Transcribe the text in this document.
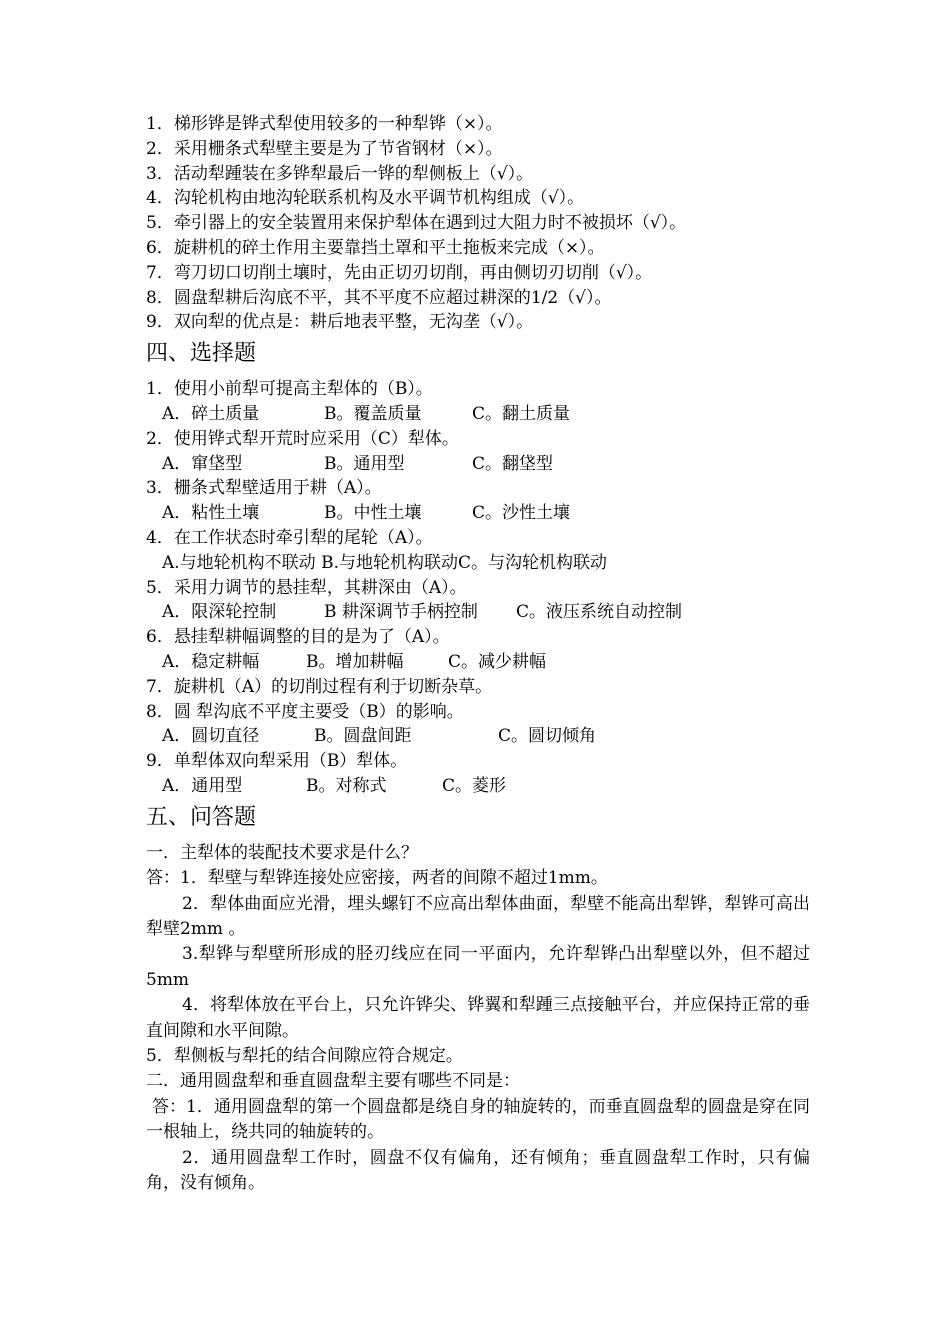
1．梯形铧是铧式犁使用较多的一种犁铧（×）。
2．采用栅条式犁壁主要是为了节省钢材（×）。
3．活动犁踵装在多铧犁最后一铧的犁侧板上（√）。
4．沟轮机构由地沟轮联系机构及水平调节机构组成（√）。
5．牵引器上的安全装置用来保护犁体在遇到过大阻力时不被损坏（√）。
6．旋耕机的碎土作用主要靠挡土罩和平土拖板来完成（×）。
7．弯刀切口切削土壤时，先由正切刃切削，再由侧切刃切削（√）。
8．圆盘犁耕后沟底不平，其不平度不应超过耕深的1/2（√）。
9．双向犁的优点是：耕后地表平整，无沟垄（√）。
四、选择题
1．使用小前犁可提高主犁体的（B）。
A．碎土质量	B。覆盖质量	C。翻土质量
2．使用铧式犁开荒时应采用（C）犁体。
A．窜垡型	B。通用型	C。翻垡型
3．栅条式犁壁适用于耕（A）。
A．粘性土壤	B。中性土壤	C。沙性土壤
4．在工作状态时牵引犁的尾轮（A）。
A.与地轮机构不联动 B.与地轮机构联动C。与沟轮机构联动
5．采用力调节的悬挂犁，其耕深由（A）。
A．限深轮控制	B 耕深调节手柄控制 C。液压系统自动控制
6．悬挂犁耕幅调整的目的是为了（A）。
A．稳定耕幅	B。增加耕幅	C。减少耕幅
7．旋耕机（A）的切削过程有利于切断杂草。
8．圆 犁沟底不平度主要受（B）的影响。
A．圆切直径	B。圆盘间距	C。圆切倾角
9．单犁体双向犁采用（B）犁体。
A．通用型	B。对称式	C。菱形
五、问答题
一．主犁体的装配技术要求是什么？
答：1．犁壁与犁铧连接处应密接，两者的间隙不超过1mm。
2．犁体曲面应光滑，埋头螺钉不应高出犁体曲面，犁壁不能高出犁铧，犁铧可高出犁壁2mm 。
3.犁铧与犁壁所形成的胫刃线应在同一平面内，允许犁铧凸出犁壁以外，但不超过5mm
4．将犁体放在平台上，只允许铧尖、铧翼和犁踵三点接触平台，并应保持正常的垂直间隙和水平间隙。
5．犁侧板与犁托的结合间隙应符合规定。
二．通用圆盘犁和垂直圆盘犁主要有哪些不同是：
答：1．通用圆盘犁的第一个圆盘都是绕自身的轴旋转的，而垂直圆盘犁的圆盘是穿在同一根轴上，绕共同的轴旋转的。
2．通用圆盘犁工作时，圆盘不仅有偏角，还有倾角；垂直圆盘犁工作时，只有偏角，没有倾角。
